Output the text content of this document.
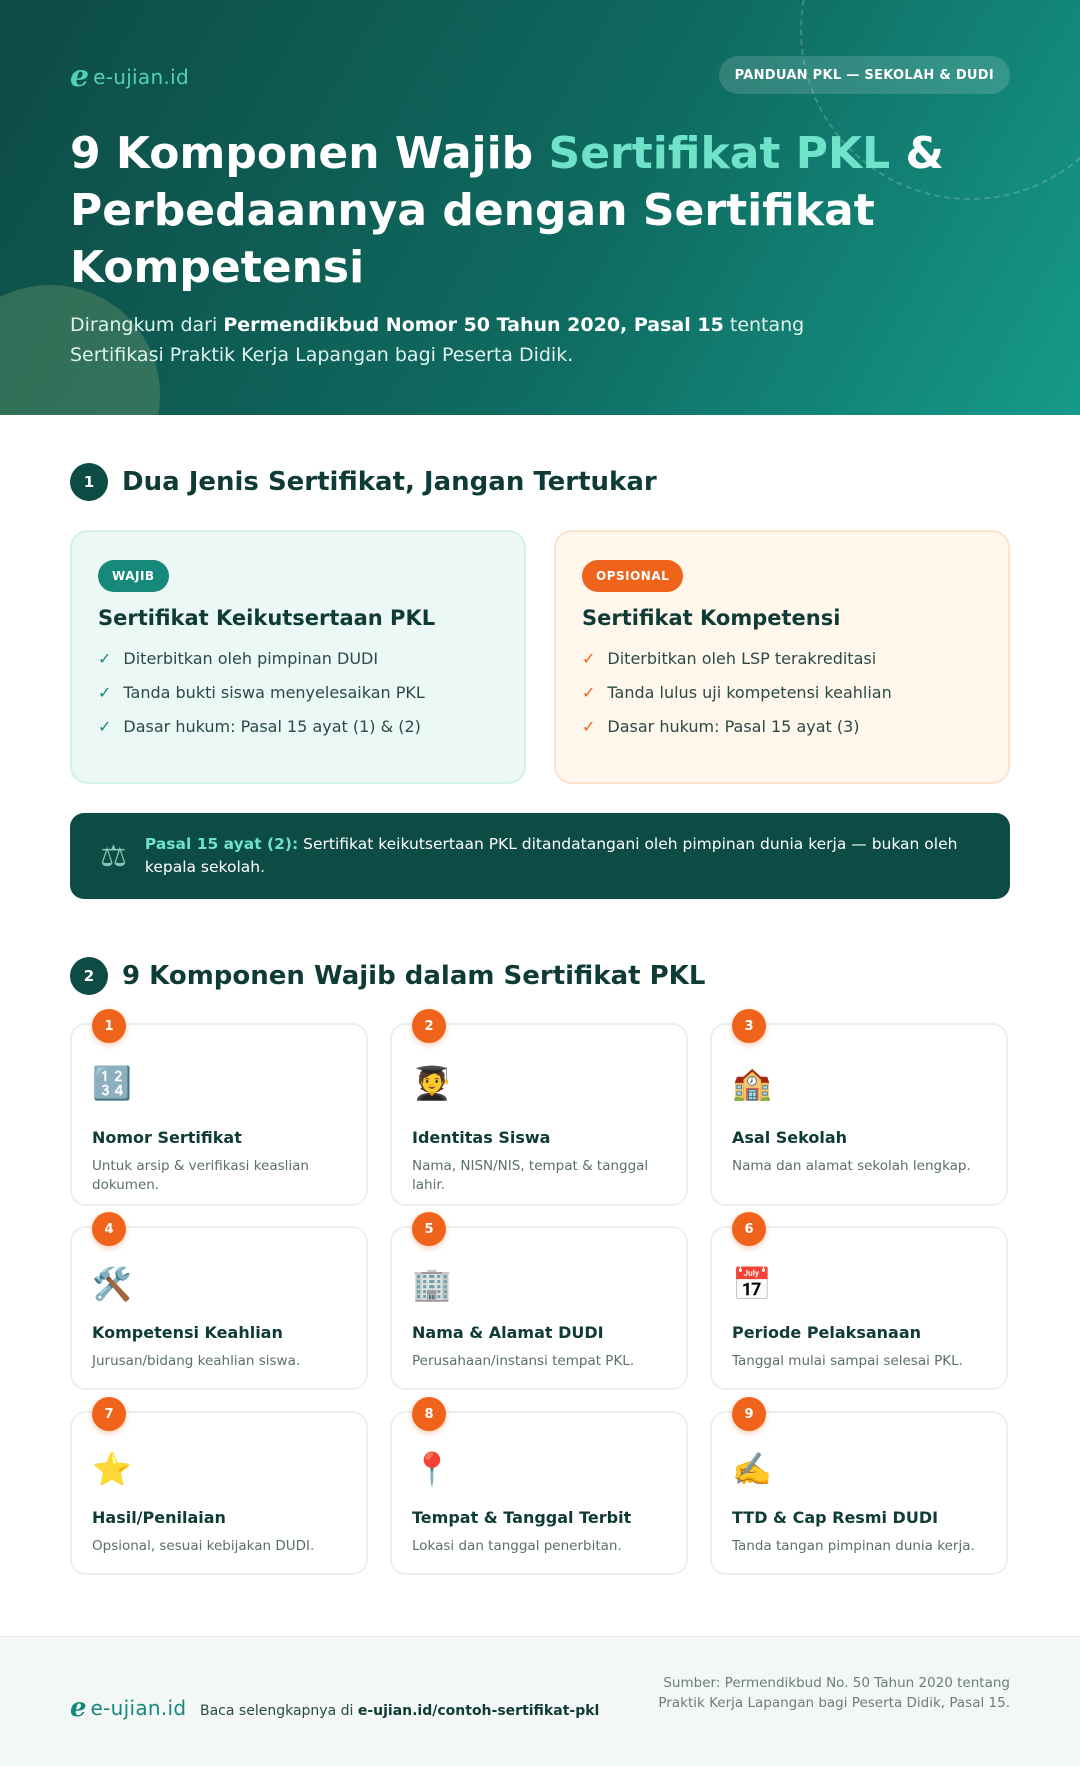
e e-ujian.id	PANDUAN PKL — SEKOLAH & DUDI
9 Komponen Wajib Sertifikat PKL & Perbedaannya dengan Sertifikat Kompetensi

Dirangkum dari Permendikbud Nomor 50 Tahun 2020, Pasal 15 tentang Sertifikasi Praktik Kerja Lapangan bagi Peserta Didik.

1	Dua Jenis Sertifikat, Jangan Tertukar
WAJIB
Sertifikat Keikutsertaan PKL
✓ Diterbitkan oleh pimpinan DUDI
✓ Tanda bukti siswa menyelesaikan PKL
✓ Dasar hukum: Pasal 15 ayat (1) & (2)
OPSIONAL
Sertifikat Kompetensi
✓ Diterbitkan oleh LSP terakreditasi
✓ Tanda lulus uji kompetensi keahlian
✓ Dasar hukum: Pasal 15 ayat (3)
⚖ Pasal 15 ayat (2): Sertifikat keikutsertaan PKL ditandatangani oleh pimpinan dunia kerja — bukan oleh kepala sekolah.

2	9 Komponen Wajib dalam Sertifikat PKL
1
🔢
Nomor Sertifikat
Untuk arsip & verifikasi keaslian dokumen.
2
🧑‍🎓
Identitas Siswa
Nama, NISN/NIS, tempat & tanggal lahir.
3
🏫
Asal Sekolah
Nama dan alamat sekolah lengkap.
4
🛠️
Kompetensi Keahlian
Jurusan/bidang keahlian siswa.
5
🏢
Nama & Alamat DUDI
Perusahaan/instansi tempat PKL.
6
📅
Periode Pelaksanaan
Tanggal mulai sampai selesai PKL.
7
⭐
Hasil/Penilaian
Opsional, sesuai kebijakan DUDI.
8
📍
Tempat & Tanggal Terbit
Lokasi dan tanggal penerbitan.
9
✍️
TTD & Cap Resmi DUDI
Tanda tangan pimpinan dunia kerja.
e e-ujian.id Baca selengkapnya di e-ujian.id/contoh-sertifikat-pkl

Sumber: Permendikbud No. 50 Tahun 2020 tentang Praktik Kerja Lapangan bagi Peserta Didik, Pasal 15.
